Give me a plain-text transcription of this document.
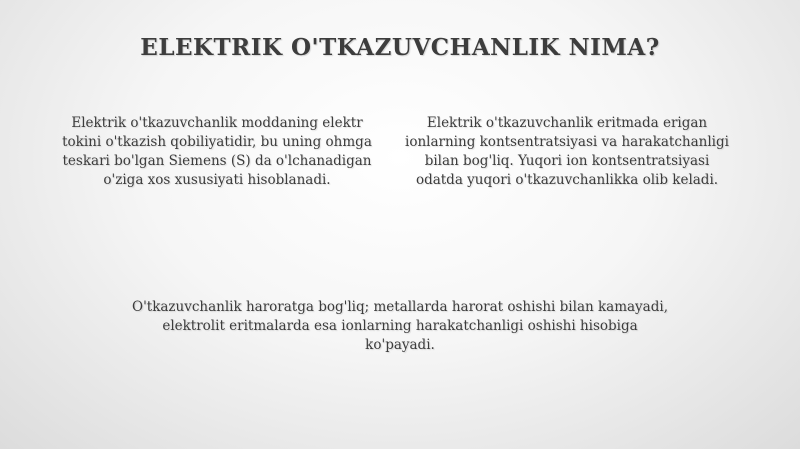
ELEKTRIK O'TKAZUVCHANLIK NIMA?

Elektrik o'tkazuvchanlik moddaning elektr tokini o'tkazish qobiliyatidir, bu uning ohmga teskari bo'lgan Siemens (S) da o'lchanadigan o'ziga xos xususiyati hisoblanadi.

Elektrik o'tkazuvchanlik eritmada erigan ionlarning kontsentratsiyasi va harakatchanligi bilan bog'liq. Yuqori ion kontsentratsiyasi odatda yuqori o'tkazuvchanlikka olib keladi.

O'tkazuvchanlik haroratga bog'liq; metallarda harorat oshishi bilan kamayadi, elektrolit eritmalarda esa ionlarning harakatchanligi oshishi hisobiga ko'payadi.
